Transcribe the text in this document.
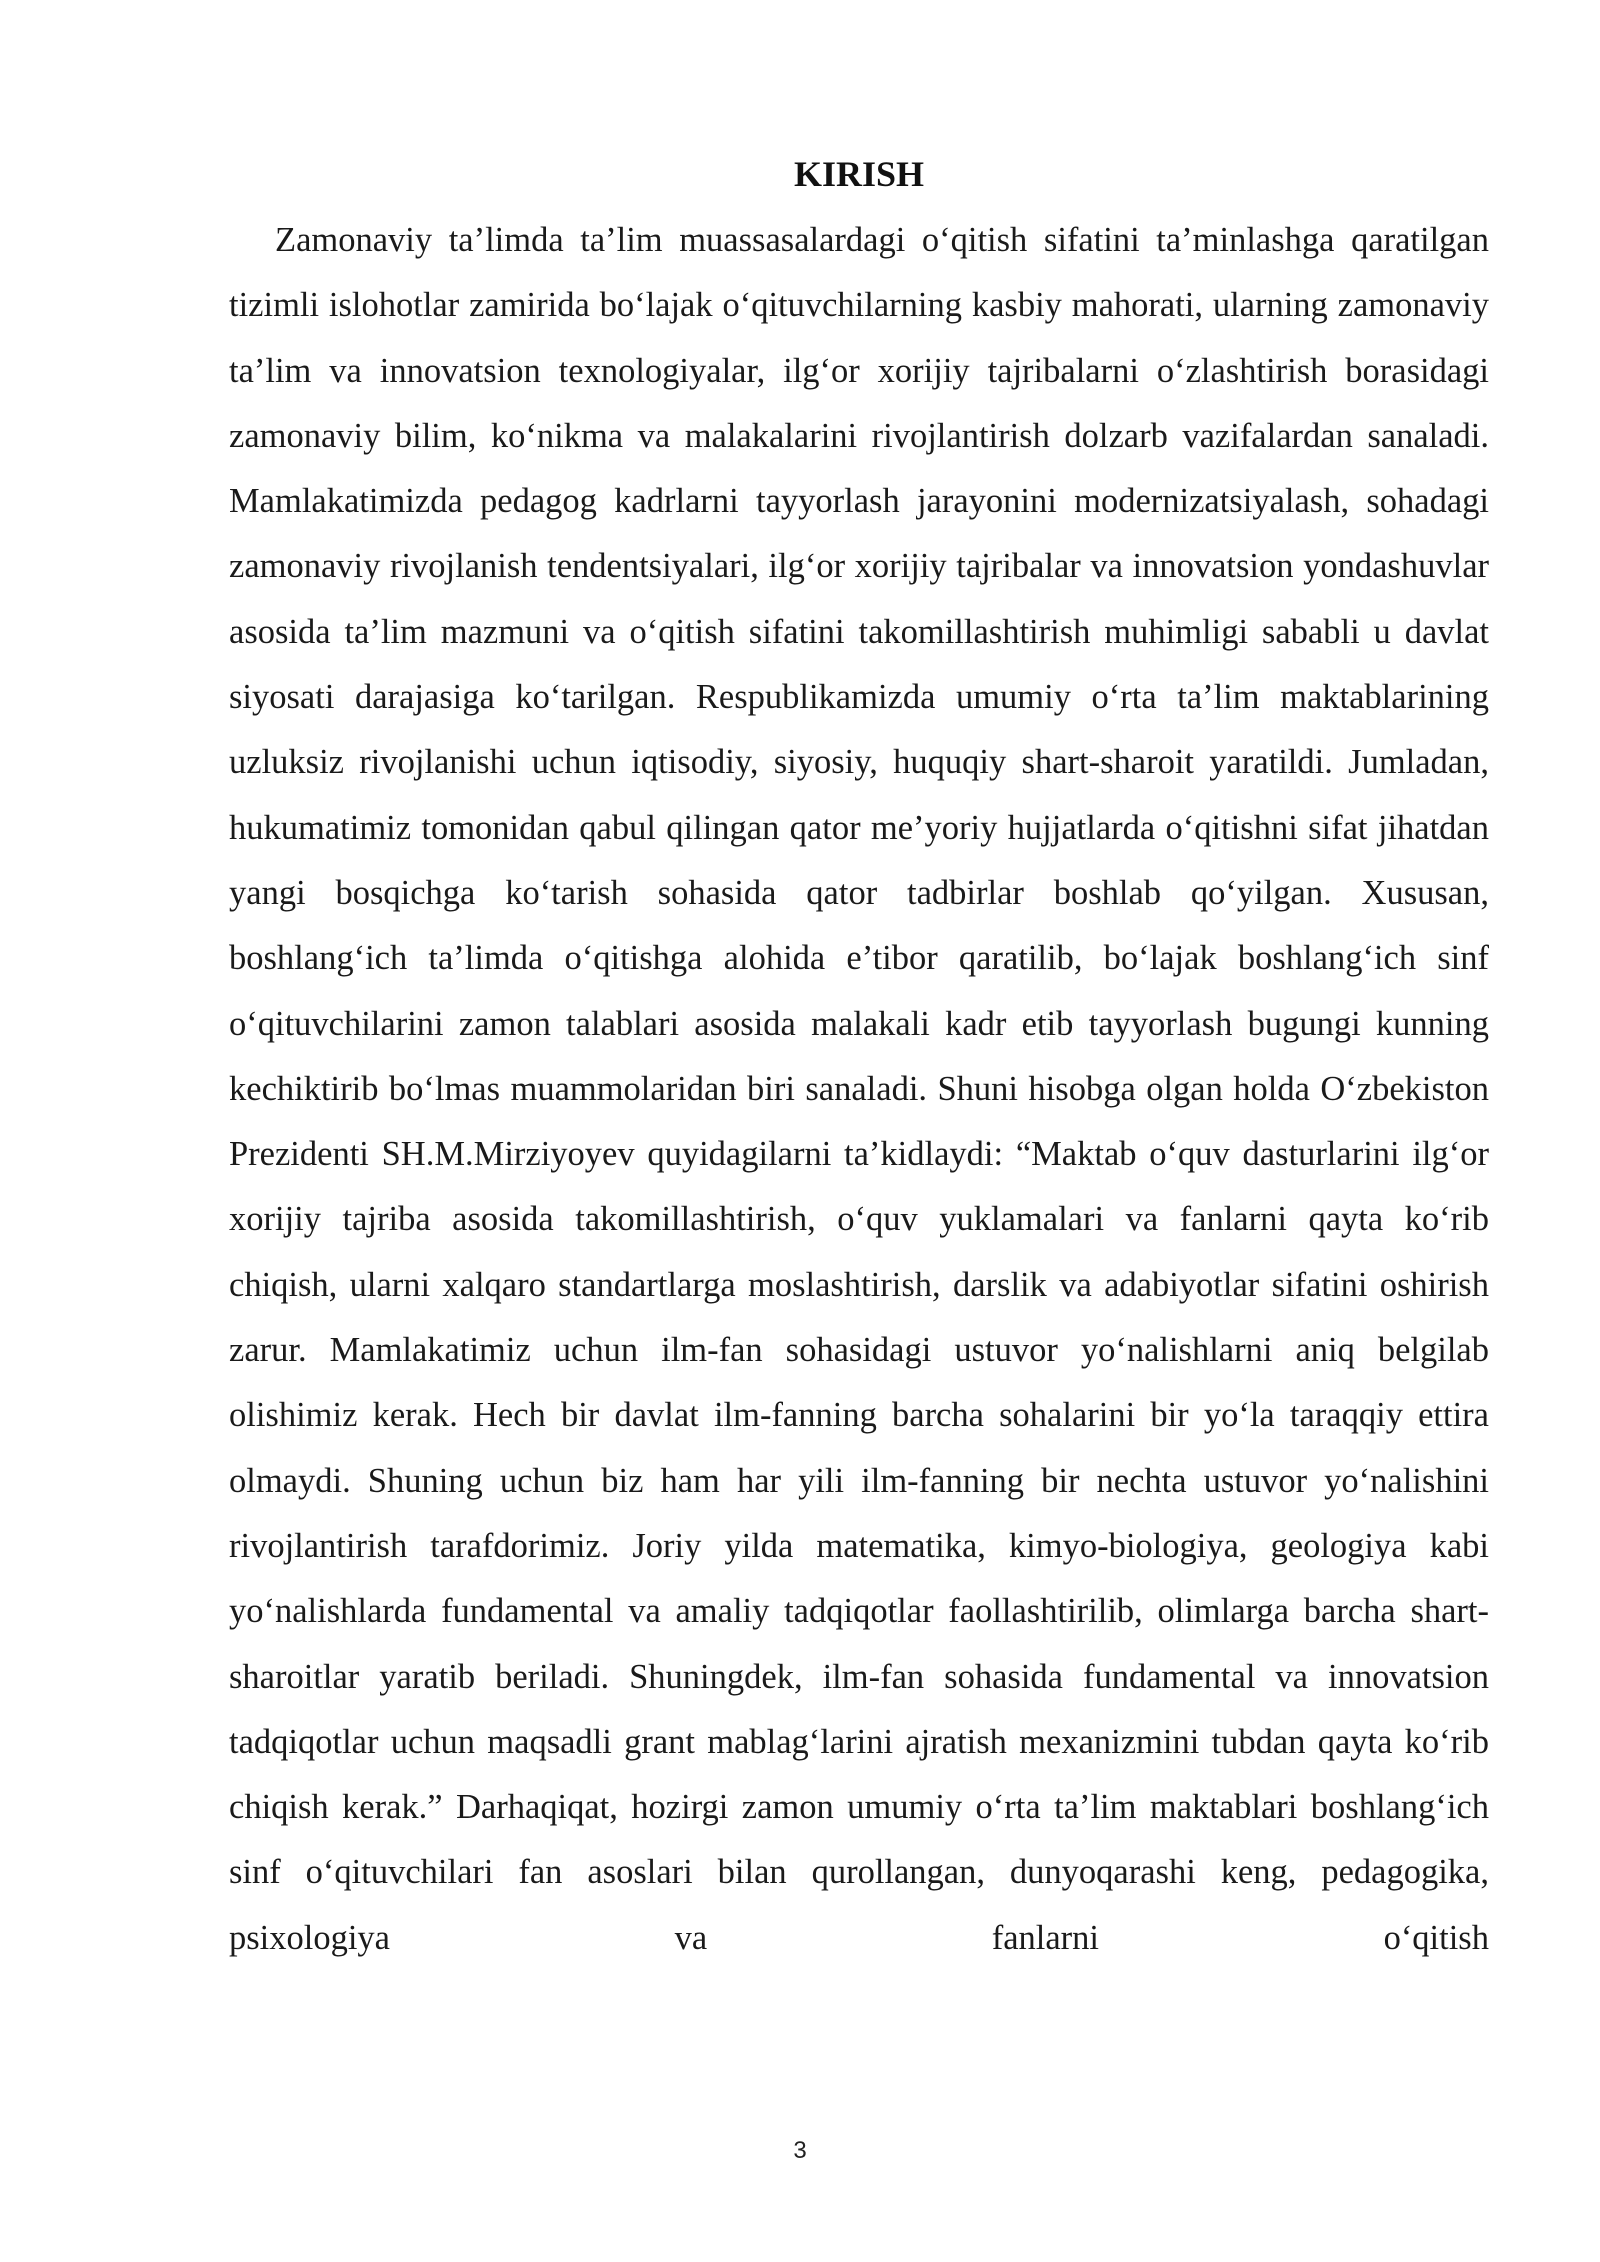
KIRISH

Zamonaviy ta’limda ta’lim muassasalardagi o‘qitish sifatini ta’minlashga qaratilgan tizimli islohotlar zamirida bo‘lajak o‘qituvchilarning kasbiy mahorati, ularning zamonaviy ta’lim va innovatsion texnologiyalar, ilg‘or xorijiy tajribalarni o‘zlashtirish borasidagi zamonaviy bilim, ko‘nikma va malakalarini rivojlantirish dolzarb vazifalardan sanaladi. Mamlakatimizda pedagog kadrlarni tayyorlash jarayonini modernizatsiyalash, sohadagi zamonaviy rivojlanish tendentsiyalari, ilg‘or xorijiy tajribalar va innovatsion yondashuvlar asosida ta’lim mazmuni va o‘qitish sifatini takomillashtirish muhimligi sababli u davlat siyosati darajasiga ko‘tarilgan. Respublikamizda umumiy o‘rta ta’lim maktablarining uzluksiz rivojlanishi uchun iqtisodiy, siyosiy, huquqiy shart-sharoit yaratildi. Jumladan, hukumatimiz tomonidan qabul qilingan qator me’yoriy hujjatlarda o‘qitishni sifat jihatdan yangi bosqichga ko‘tarish sohasida qator tadbirlar boshlab qo‘yilgan. Xususan, boshlang‘ich ta’limda o‘qitishga alohida e’tibor qaratilib, bo‘lajak boshlang‘ich sinf o‘qituvchilarini zamon talablari asosida malakali kadr etib tayyorlash bugungi kunning kechiktirib bo‘lmas muammolaridan biri sanaladi. Shuni hisobga olgan holda O‘zbekiston Prezidenti SH.M.Mirziyoyev quyidagilarni ta’kidlaydi: “Maktab o‘quv dasturlarini ilg‘or xorijiy tajriba asosida takomillashtirish, o‘quv yuklamalari va fanlarni qayta ko‘rib chiqish, ularni xalqaro standartlarga moslashtirish, darslik va adabiyotlar sifatini oshirish zarur. Mamlakatimiz uchun ilm-fan sohasidagi ustuvor yo‘nalishlarni aniq belgilab olishimiz kerak. Hech bir davlat ilm-fanning barcha sohalarini bir yo‘la taraqqiy ettira olmaydi. Shuning uchun biz ham har yili ilm-fanning bir nechta ustuvor yo‘nalishini rivojlantirish tarafdorimiz. Joriy yilda matematika, kimyo-biologiya, geologiya kabi yo‘nalishlarda fundamental va amaliy tadqiqotlar faollashtirilib, olimlarga barcha shart-sharoitlar yaratib beriladi. Shuningdek, ilm-fan sohasida fundamental va innovatsion tadqiqotlar uchun maqsadli grant mablag‘larini ajratish mexanizmini tubdan qayta ko‘rib chiqish kerak.” Darhaqiqat, hozirgi zamon umumiy o‘rta ta’lim maktablari boshlang‘ich sinf o‘qituvchilari fan asoslari bilan qurollangan, dunyoqarashi keng, pedagogika, psixologiya va fanlarni o‘qitish

3
